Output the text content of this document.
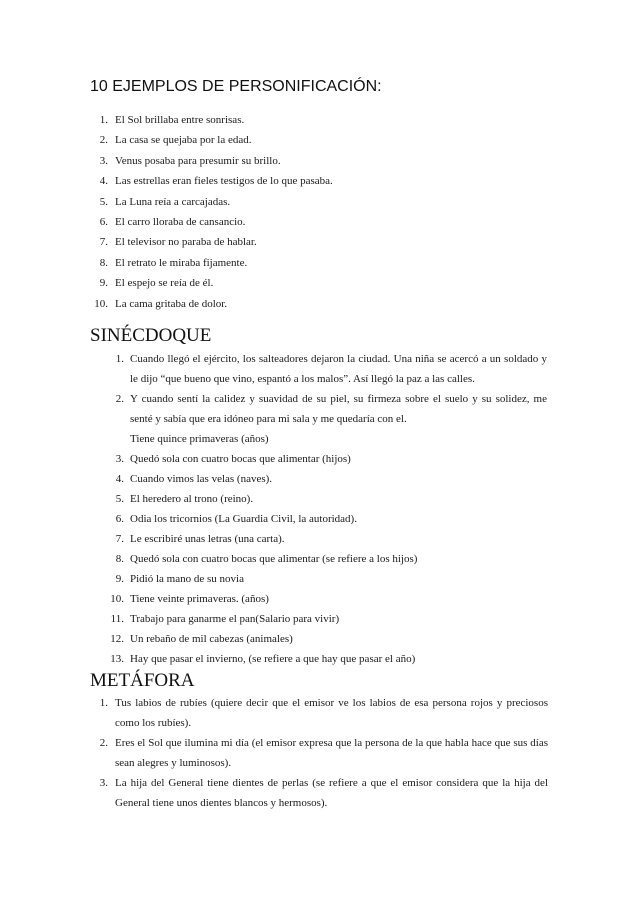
10 EJEMPLOS DE PERSONIFICACIÓN:
1. El Sol brillaba entre sonrisas.
2. La casa se quejaba por la edad.
3. Venus posaba para presumir su brillo.
4. Las estrellas eran fieles testigos de lo que pasaba.
5. La Luna reía a carcajadas.
6. El carro lloraba de cansancio.
7. El televisor no paraba de hablar.
8. El retrato le miraba fijamente.
9. El espejo se reía de él.
10. La cama gritaba de dolor.
SINÉCDOQUE
1. Cuando llegó el ejército, los salteadores dejaron la ciudad. Una niña se acercó a un soldado y le dijo “que bueno que vino, espantó a los malos”. Así llegó la paz a las calles.
2. Y cuando sentí la calidez y suavidad de su piel, su firmeza sobre el suelo y su solidez, me senté y sabía que era idóneo para mi sala y me quedaría con el.
Tiene quince primaveras (años)
3. Quedó sola con cuatro bocas que alimentar (hijos)
4. Cuando vimos las velas (naves).
5. El heredero al trono (reino).
6. Odia los tricornios (La Guardia Civil, la autoridad).
7. Le escribiré unas letras (una carta).
8. Quedó sola con cuatro bocas que alimentar (se refiere a los hijos)
9. Pidió la mano de su novia
10. Tiene veinte primaveras. (años)
11. Trabajo para ganarme el pan(Salario para vivir)
12. Un rebaño de mil cabezas (animales)
13. Hay que pasar el invierno, (se refiere a que hay que pasar el año)
METÁFORA
1. Tus labios de rubíes (quiere decir que el emisor ve los labios de esa persona rojos y preciosos como los rubíes).
2. Eres el Sol que ilumina mi día (el emisor expresa que la persona de la que habla hace que sus días sean alegres y luminosos).
3. La hija del General tiene dientes de perlas (se refiere a que el emisor considera que la hija del General tiene unos dientes blancos y hermosos).
